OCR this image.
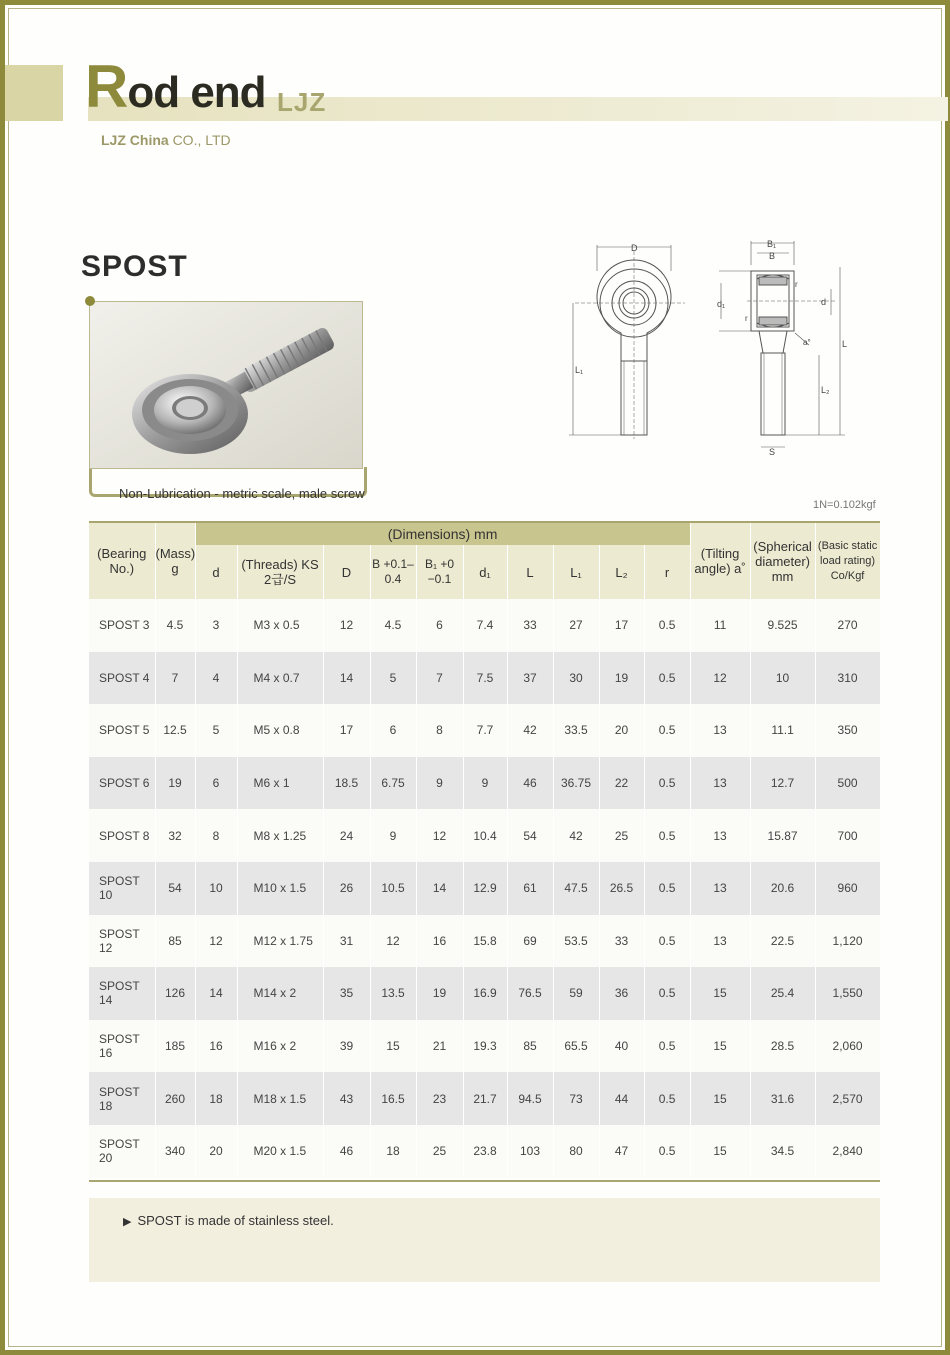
Rod end LJZ
LJZ China CO., LTD
SPOST
Non-Lubrication - metric scale, male screw
D
L₁
B₁
B
d₁	d
r
r
a°	L
L₂
S
1N=0.102kgf
(Bearing No.)	(Mass) g	(Dimensions) mm										(Tilting angle) a˚	(Spherical diameter) mm	(Basic static load rating) Co/Kgf
		d	(Threads) KS 2급/S	D	B +0.1– 0.4	B₁ +0 −0.1	d₁	L	L₁	L₂	r			
SPOST 3	4.5	3	M3 x 0.5	12	4.5	6	7.4	33	27	17	0.5	11	9.525	270
SPOST 4	7	4	M4 x 0.7	14	5	7	7.5	37	30	19	0.5	12	10	310
SPOST 5	12.5	5	M5 x 0.8	17	6	8	7.7	42	33.5	20	0.5	13	11.1	350
SPOST 6	19	6	M6 x 1	18.5	6.75	9	9	46	36.75	22	0.5	13	12.7	500
SPOST 8	32	8	M8 x 1.25	24	9	12	10.4	54	42	25	0.5	13	15.87	700
SPOST 10	54	10	M10 x 1.5	26	10.5	14	12.9	61	47.5	26.5	0.5	13	20.6	960
SPOST 12	85	12	M12 x 1.75	31	12	16	15.8	69	53.5	33	0.5	13	22.5	1,120
SPOST 14	126	14	M14 x 2	35	13.5	19	16.9	76.5	59	36	0.5	15	25.4	1,550
SPOST 16	185	16	M16 x 2	39	15	21	19.3	85	65.5	40	0.5	15	28.5	2,060
SPOST 18	260	18	M18 x 1.5	43	16.5	23	21.7	94.5	73	44	0.5	15	31.6	2,570
SPOST 20	340	20	M20 x 1.5	46	18	25	23.8	103	80	47	0.5	15	34.5	2,840
▶ SPOST is made of stainless steel.
